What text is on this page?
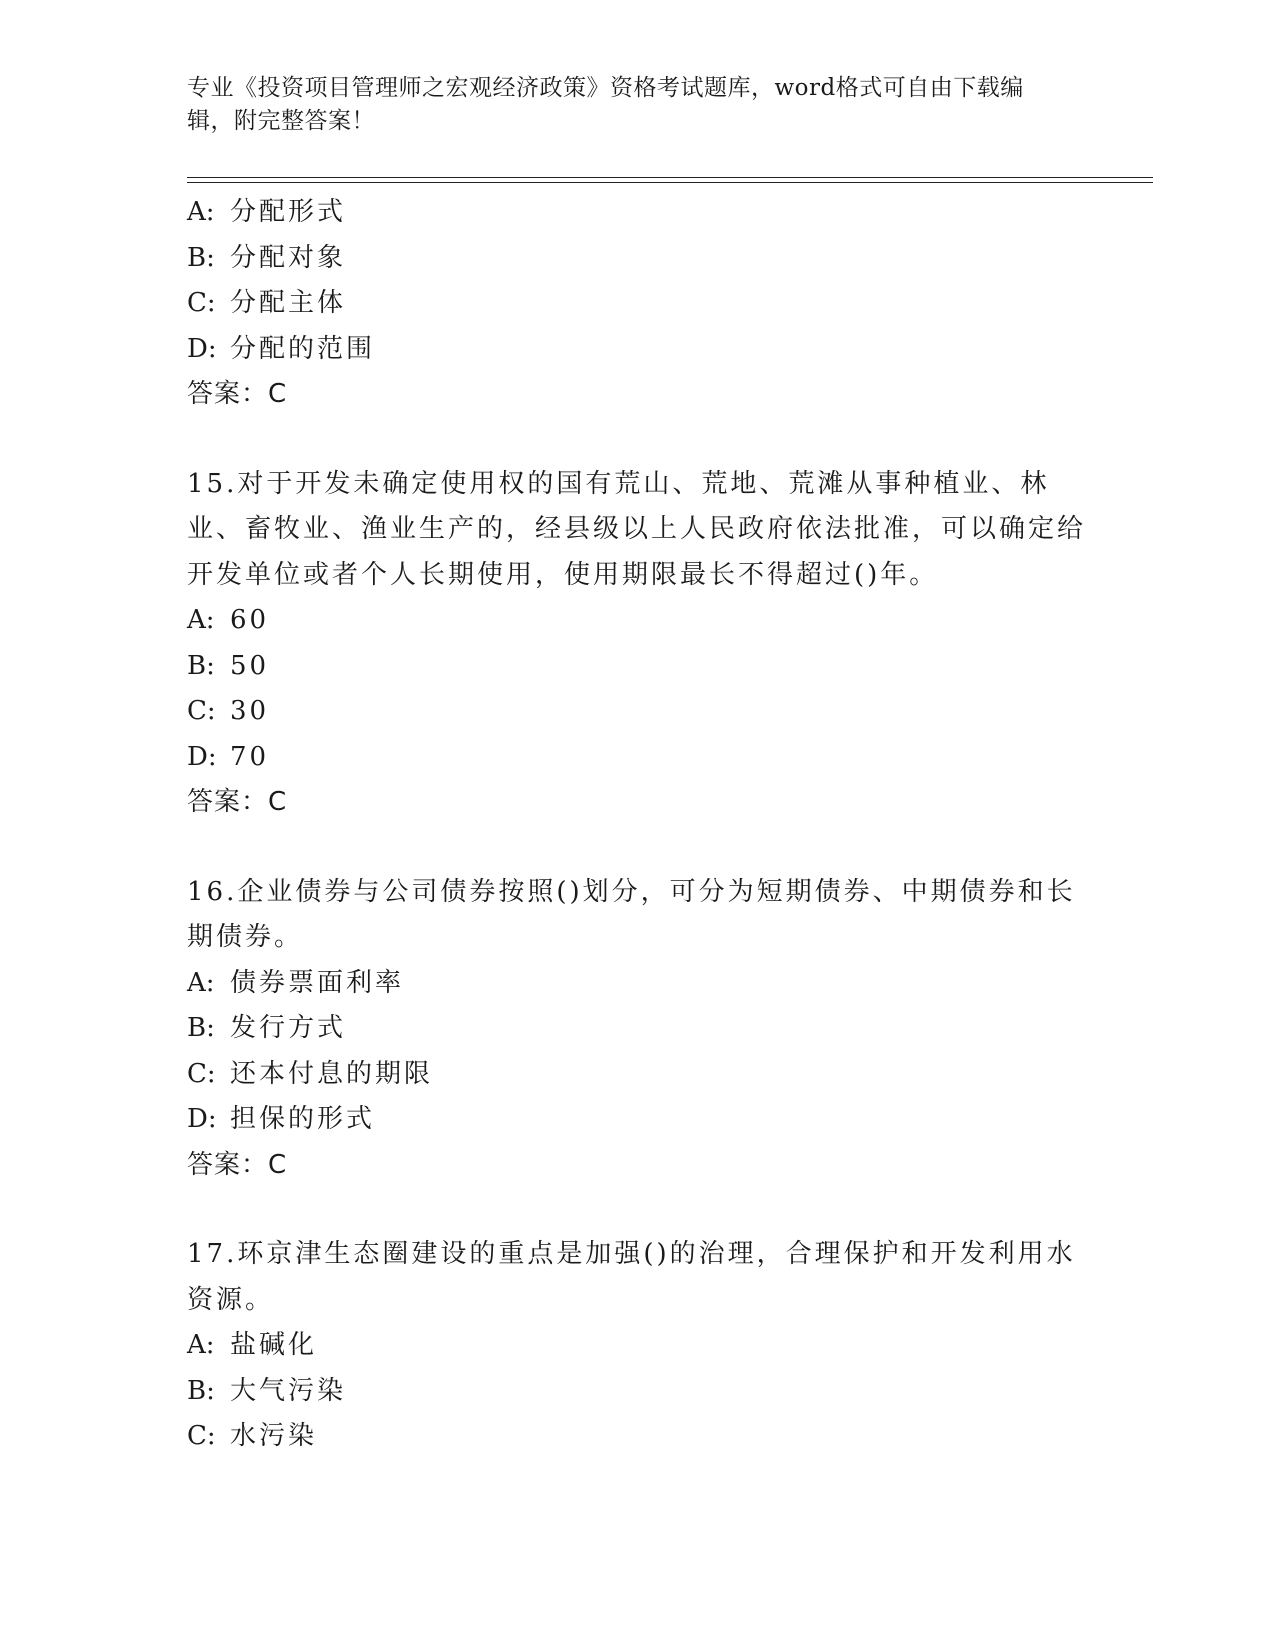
专业《投资项目管理师之宏观经济政策》资格考试题库，word格式可自由下载编辑，附完整答案！
A: 分配形式
B: 分配对象
C: 分配主体
D: 分配的范围
答案：C
15.对于开发未确定使用权的国有荒山、荒地、荒滩从事种植业、林业、畜牧业、渔业生产的，经县级以上人民政府依法批准，可以确定给开发单位或者个人长期使用，使用期限最长不得超过()年。
A: 60
B: 50
C: 30
D: 70
答案：C
16.企业债券与公司债券按照()划分，可分为短期债券、中期债券和长期债券。
A: 债券票面利率
B: 发行方式
C: 还本付息的期限
D: 担保的形式
答案：C
17.环京津生态圈建设的重点是加强()的治理，合理保护和开发利用水资源。
A: 盐碱化
B: 大气污染
C: 水污染
